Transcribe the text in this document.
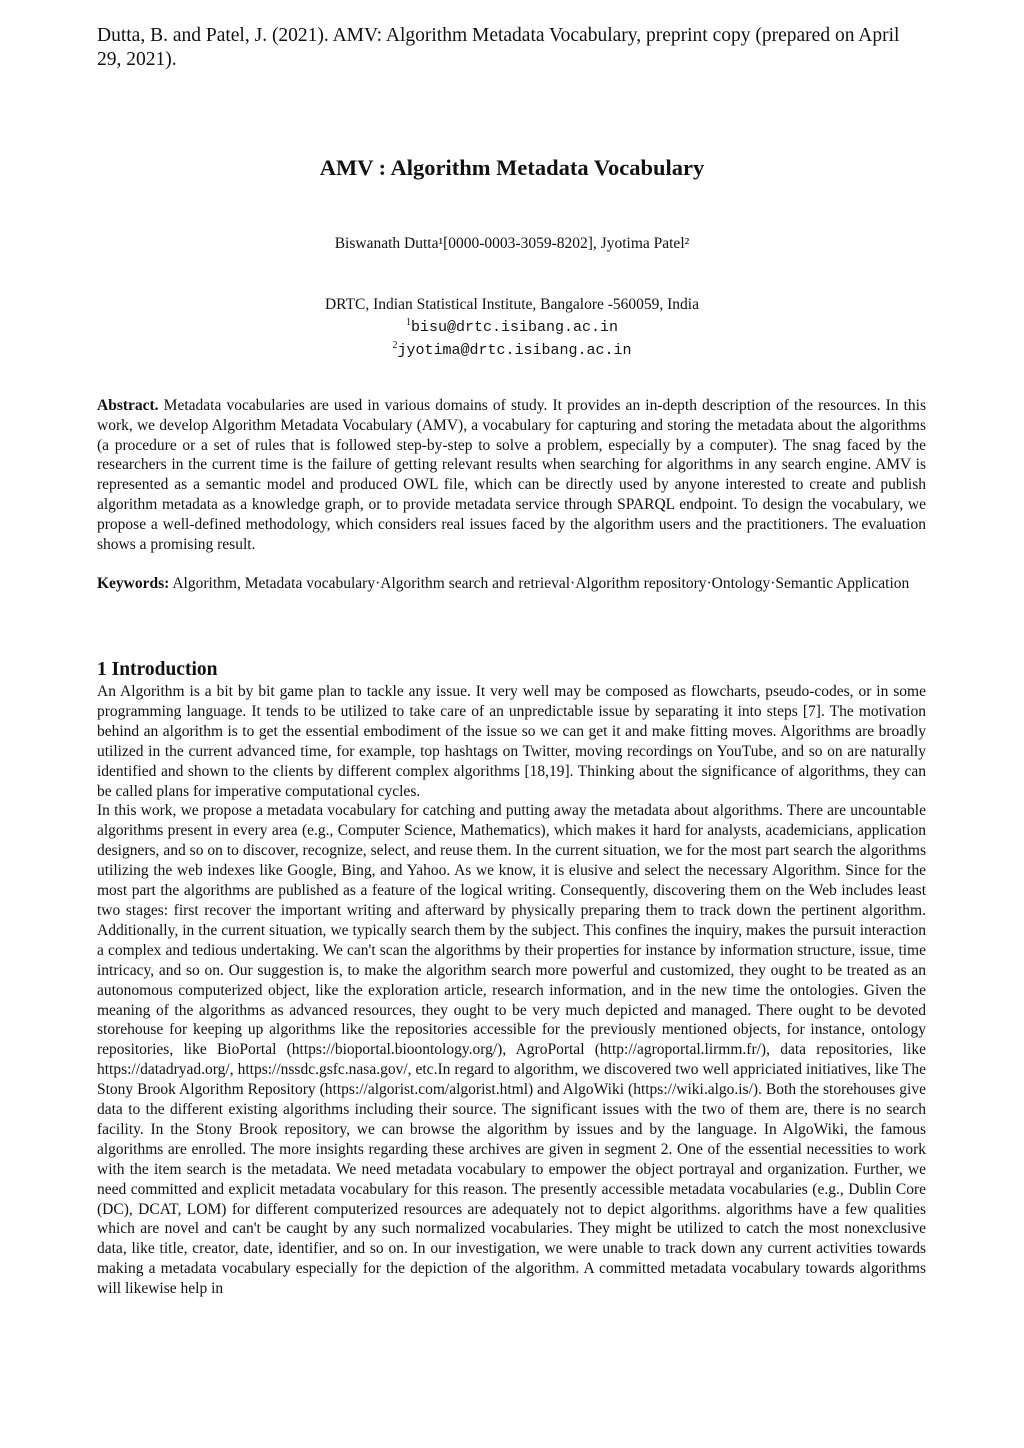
Dutta, B. and Patel, J. (2021). AMV: Algorithm Metadata Vocabulary, preprint copy (prepared on April 29, 2021).
AMV : Algorithm Metadata Vocabulary
Biswanath Dutta¹[0000-0003-3059-8202], Jyotima Patel²
DRTC, Indian Statistical Institute, Bangalore -560059, India
$^1$bisu@drtc.isibang.ac.in
$^2$jyotima@drtc.isibang.ac.in
Abstract. Metadata vocabularies are used in various domains of study. It provides an in-depth description of the resources. In this work, we develop Algorithm Metadata Vocabulary (AMV), a vocabulary for capturing and storing the metadata about the algorithms (a procedure or a set of rules that is followed step-by-step to solve a problem, especially by a computer). The snag faced by the researchers in the current time is the failure of getting relevant results when searching for algorithms in any search engine. AMV is represented as a semantic model and produced OWL file, which can be directly used by anyone interested to create and publish algorithm metadata as a knowledge graph, or to provide metadata service through SPARQL endpoint. To design the vocabulary, we propose a well-defined methodology, which considers real issues faced by the algorithm users and the practitioners. The evaluation shows a promising result.
Keywords: Algorithm, Metadata vocabulary·Algorithm search and retrieval·Algorithm repository·Ontology·Semantic Application
1 Introduction

An Algorithm is a bit by bit game plan to tackle any issue. It very well may be composed as flowcharts, pseudo-codes, or in some programming language. It tends to be utilized to take care of an unpredictable issue by separating it into steps [7]. The motivation behind an algorithm is to get the essential embodiment of the issue so we can get it and make fitting moves. Algorithms are broadly utilized in the current advanced time, for example, top hashtags on Twitter, moving recordings on YouTube, and so on are naturally identified and shown to the clients by different complex algorithms [18,19]. Thinking about the significance of algorithms, they can be called plans for imperative computational cycles.

In this work, we propose a metadata vocabulary for catching and putting away the metadata about algorithms. There are uncountable algorithms present in every area (e.g., Computer Science, Mathematics), which makes it hard for analysts, academicians, application designers, and so on to discover, recognize, select, and reuse them. In the current situation, we for the most part search the algorithms utilizing the web indexes like Google, Bing, and Yahoo. As we know, it is elusive and select the necessary Algorithm. Since for the most part the algorithms are published as a feature of the logical writing. Consequently, discovering them on the Web includes least two stages: first recover the important writing and afterward by physically preparing them to track down the pertinent algorithm. Additionally, in the current situation, we typically search them by the subject. This confines the inquiry, makes the pursuit interaction a complex and tedious undertaking. We can't scan the algorithms by their properties for instance by information structure, issue, time intricacy, and so on. Our suggestion is, to make the algorithm search more powerful and customized, they ought to be treated as an autonomous computerized object, like the exploration article, research information, and in the new time the ontologies. Given the meaning of the algorithms as advanced resources, they ought to be very much depicted and managed. There ought to be devoted storehouse for keeping up algorithms like the repositories accessible for the previously mentioned objects, for instance, ontology repositories, like BioPortal (https://bioportal.bioontology.org/), AgroPortal (http://agroportal.lirmm.fr/), data repositories, like https://datadryad.org/, https://nssdc.gsfc.nasa.gov/, etc.In regard to algorithm, we discovered two well appriciated initiatives, like The Stony Brook Algorithm Repository (https://algorist.com/algorist.html) and AlgoWiki (https://wiki.algo.is/). Both the storehouses give data to the different existing algorithms including their source. The significant issues with the two of them are, there is no search facility. In the Stony Brook repository, we can browse the algorithm by issues and by the language. In AlgoWiki, the famous algorithms are enrolled. The more insights regarding these archives are given in segment 2. One of the essential necessities to work with the item search is the metadata. We need metadata vocabulary to empower the object portrayal and organization. Further, we need committed and explicit metadata vocabulary for this reason. The presently accessible metadata vocabularies (e.g., Dublin Core (DC), DCAT, LOM) for different computerized resources are adequately not to depict algorithms. algorithms have a few qualities which are novel and can't be caught by any such normalized vocabularies. They might be utilized to catch the most nonexclusive data, like title, creator, date, identifier, and so on. In our investigation, we were unable to track down any current activities towards making a metadata vocabulary especially for the depiction of the algorithm. A committed metadata vocabulary towards algorithms will likewise help in
